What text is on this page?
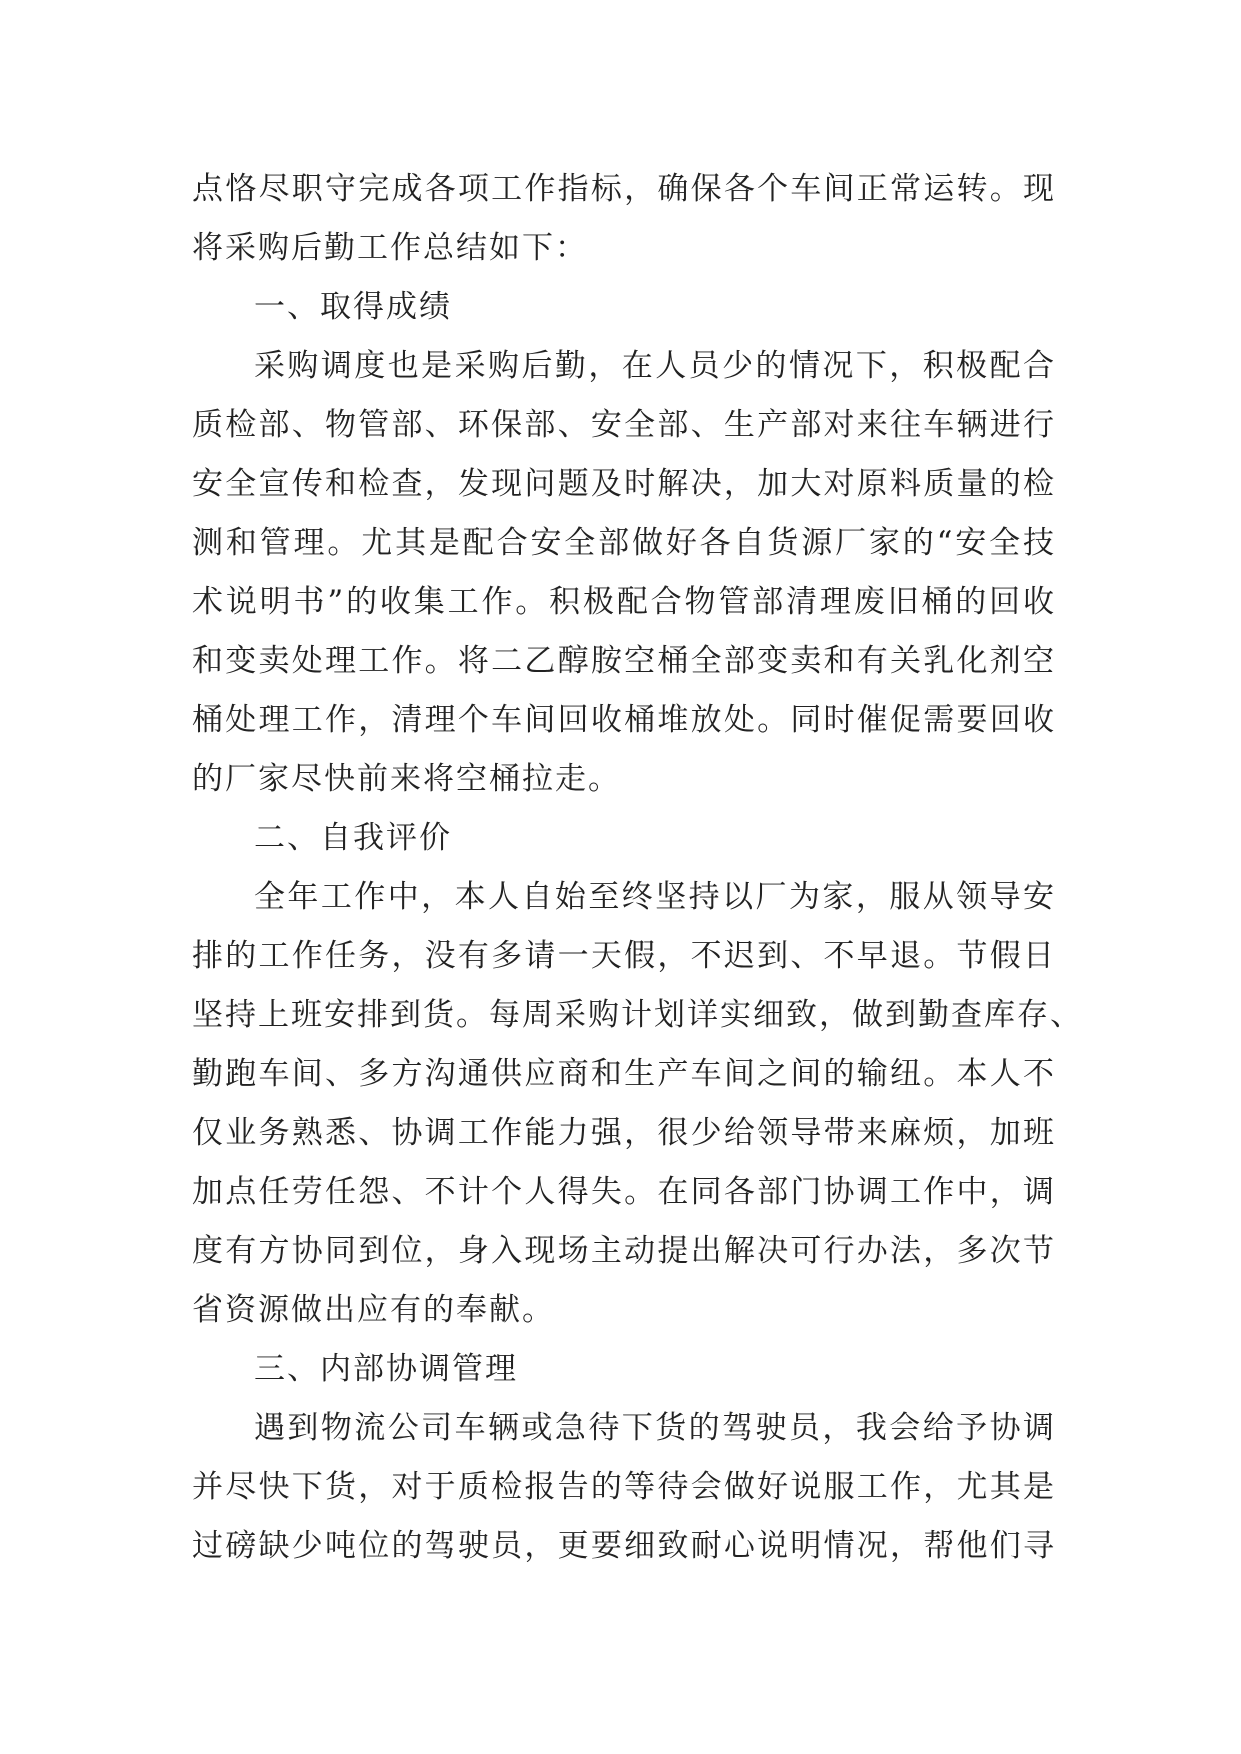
点恪尽职守完成各项工作指标，确保各个车间正常运转。现
将采购后勤工作总结如下：
一、取得成绩
采购调度也是采购后勤，在人员少的情况下，积极配合
质检部、物管部、环保部、安全部、生产部对来往车辆进行
安全宣传和检查，发现问题及时解决，加大对原料质量的检
测和管理。尤其是配合安全部做好各自货源厂家的“安全技
术说明书”的收集工作。积极配合物管部清理废旧桶的回收
和变卖处理工作。将二乙醇胺空桶全部变卖和有关乳化剂空
桶处理工作，清理个车间回收桶堆放处。同时催促需要回收
的厂家尽快前来将空桶拉走。
二、自我评价
全年工作中，本人自始至终坚持以厂为家，服从领导安
排的工作任务，没有多请一天假，不迟到、不早退。节假日
坚持上班安排到货。每周采购计划详实细致，做到勤查库存、
勤跑车间、多方沟通供应商和生产车间之间的输纽。本人不
仅业务熟悉、协调工作能力强，很少给领导带来麻烦，加班
加点任劳任怨、不计个人得失。在同各部门协调工作中，调
度有方协同到位，身入现场主动提出解决可行办法，多次节
省资源做出应有的奉献。
三、内部协调管理
遇到物流公司车辆或急待下货的驾驶员，我会给予协调
并尽快下货，对于质检报告的等待会做好说服工作，尤其是
过磅缺少吨位的驾驶员，更要细致耐心说明情况，帮他们寻
